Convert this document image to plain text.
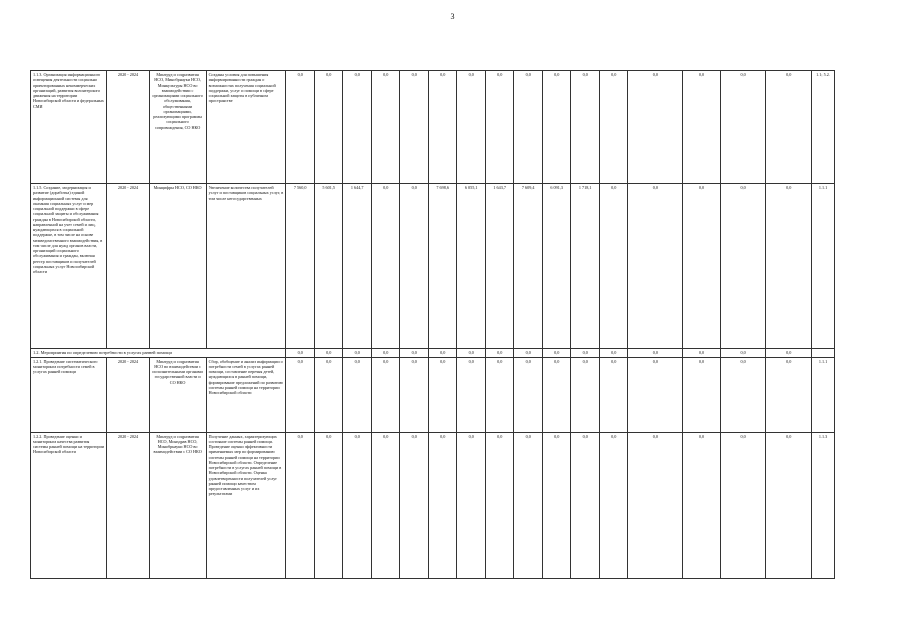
3
1.1.3. Организация информационного освещения деятельности социально ориентированных некоммерческих организаций, развития волонтерского движения на территории Новосибирской области и федеральных СМИ	2020 - 2024	Минтруд и соцразвития НСО, Минобрнауки НСО, Минкультуры НСО во взаимодействии с организациями социального обслуживания, общественными организациями, реализующими программы социального сопровождения, СО НКО	Созданы условия для повышения информированности граждан о возможностях получения социальной поддержки, услуг и помощи в сфере социальной защиты в публичном пространстве	0,0	0,0	0,0	0,0	0,0	0,0	0,0	0,0	0,0	0,0	0,0	0,0	0,0	0,0	0,0	0,0	1.1; 5.2.
1.1.5. Создание, модернизация и развитие (доработка) единой информационной системы для оказания социальных услуг и мер социальной поддержки в сфере социальной защиты и обслуживания граждан в Новосибирской области, направленной на учет семей и лиц, нуждающихся в социальной поддержке, в том числе на основе межведомственного взаимодействия, в том числе для нужд органов власти, организаций социального обслуживания и граждан, включая реестр поставщиков и получателей социальных услуг Новосибирской области	2020 - 2024	Минцифры НСО, СО НКО	Увеличение количества получателей услуг и поставщиков социальных услуг, в том числе негосударственных	7 560,0	5 601,5	1 644,7	0,0	0,0	7 698,6	6 055,1	1 643,7	7 609,4	6 091,3	1 718,1	0,0	0,0	0,0	0,0	0,0	1.1.1
1.2. Мероприятия по определению потребности в услугах ранней помощи				0,0	0,0	0,0	0,0	0,0	0,0	0,0	0,0	0,0	0,0	0,0	0,0	0,0	0,0	0,0	0,0	
1.2.1. Проведение систематического мониторинга потребности семей в услугах ранней помощи	2020 - 2024	Минтруд и соцразвития НСО во взаимодействии с исполнительными органами государственной власти и СО НКО	Сбор, обобщение и анализ информации о потребности семей в услугах ранней помощи, составление перечня детей, нуждающихся в ранней помощи, формирование предложений по развитию системы ранней помощи на территории Новосибирской области	0,0	0,0	0,0	0,0	0,0	0,0	0,0	0,0	0,0	0,0	0,0	0,0	0,0	0,0	0,0	0,0	1.1.1
1.2.2. Проведение оценки и мониторинга качества развития системы ранней помощи на территории Новосибирской области	2020 - 2024	Минтруд и соцразвития НСО, Минздрав НСО, Минобрнауки НСО во взаимодействии с СО НКО	Получение данных, характеризующих состояние системы ранней помощи. Проведение оценки эффективности применяемых мер по формированию системы ранней помощи на территории Новосибирской области. Определение потребности в услугах ранней помощи в Новосибирской области. Оценка удовлетворенности получателей услуг ранней помощи качеством предоставленных услуг и их результатами	0,0	0,0	0,0	0,0	0,0	0,0	0,0	0,0	0,0	0,0	0,0	0,0	0,0	0,0	0,0	0,0	1.1.3
